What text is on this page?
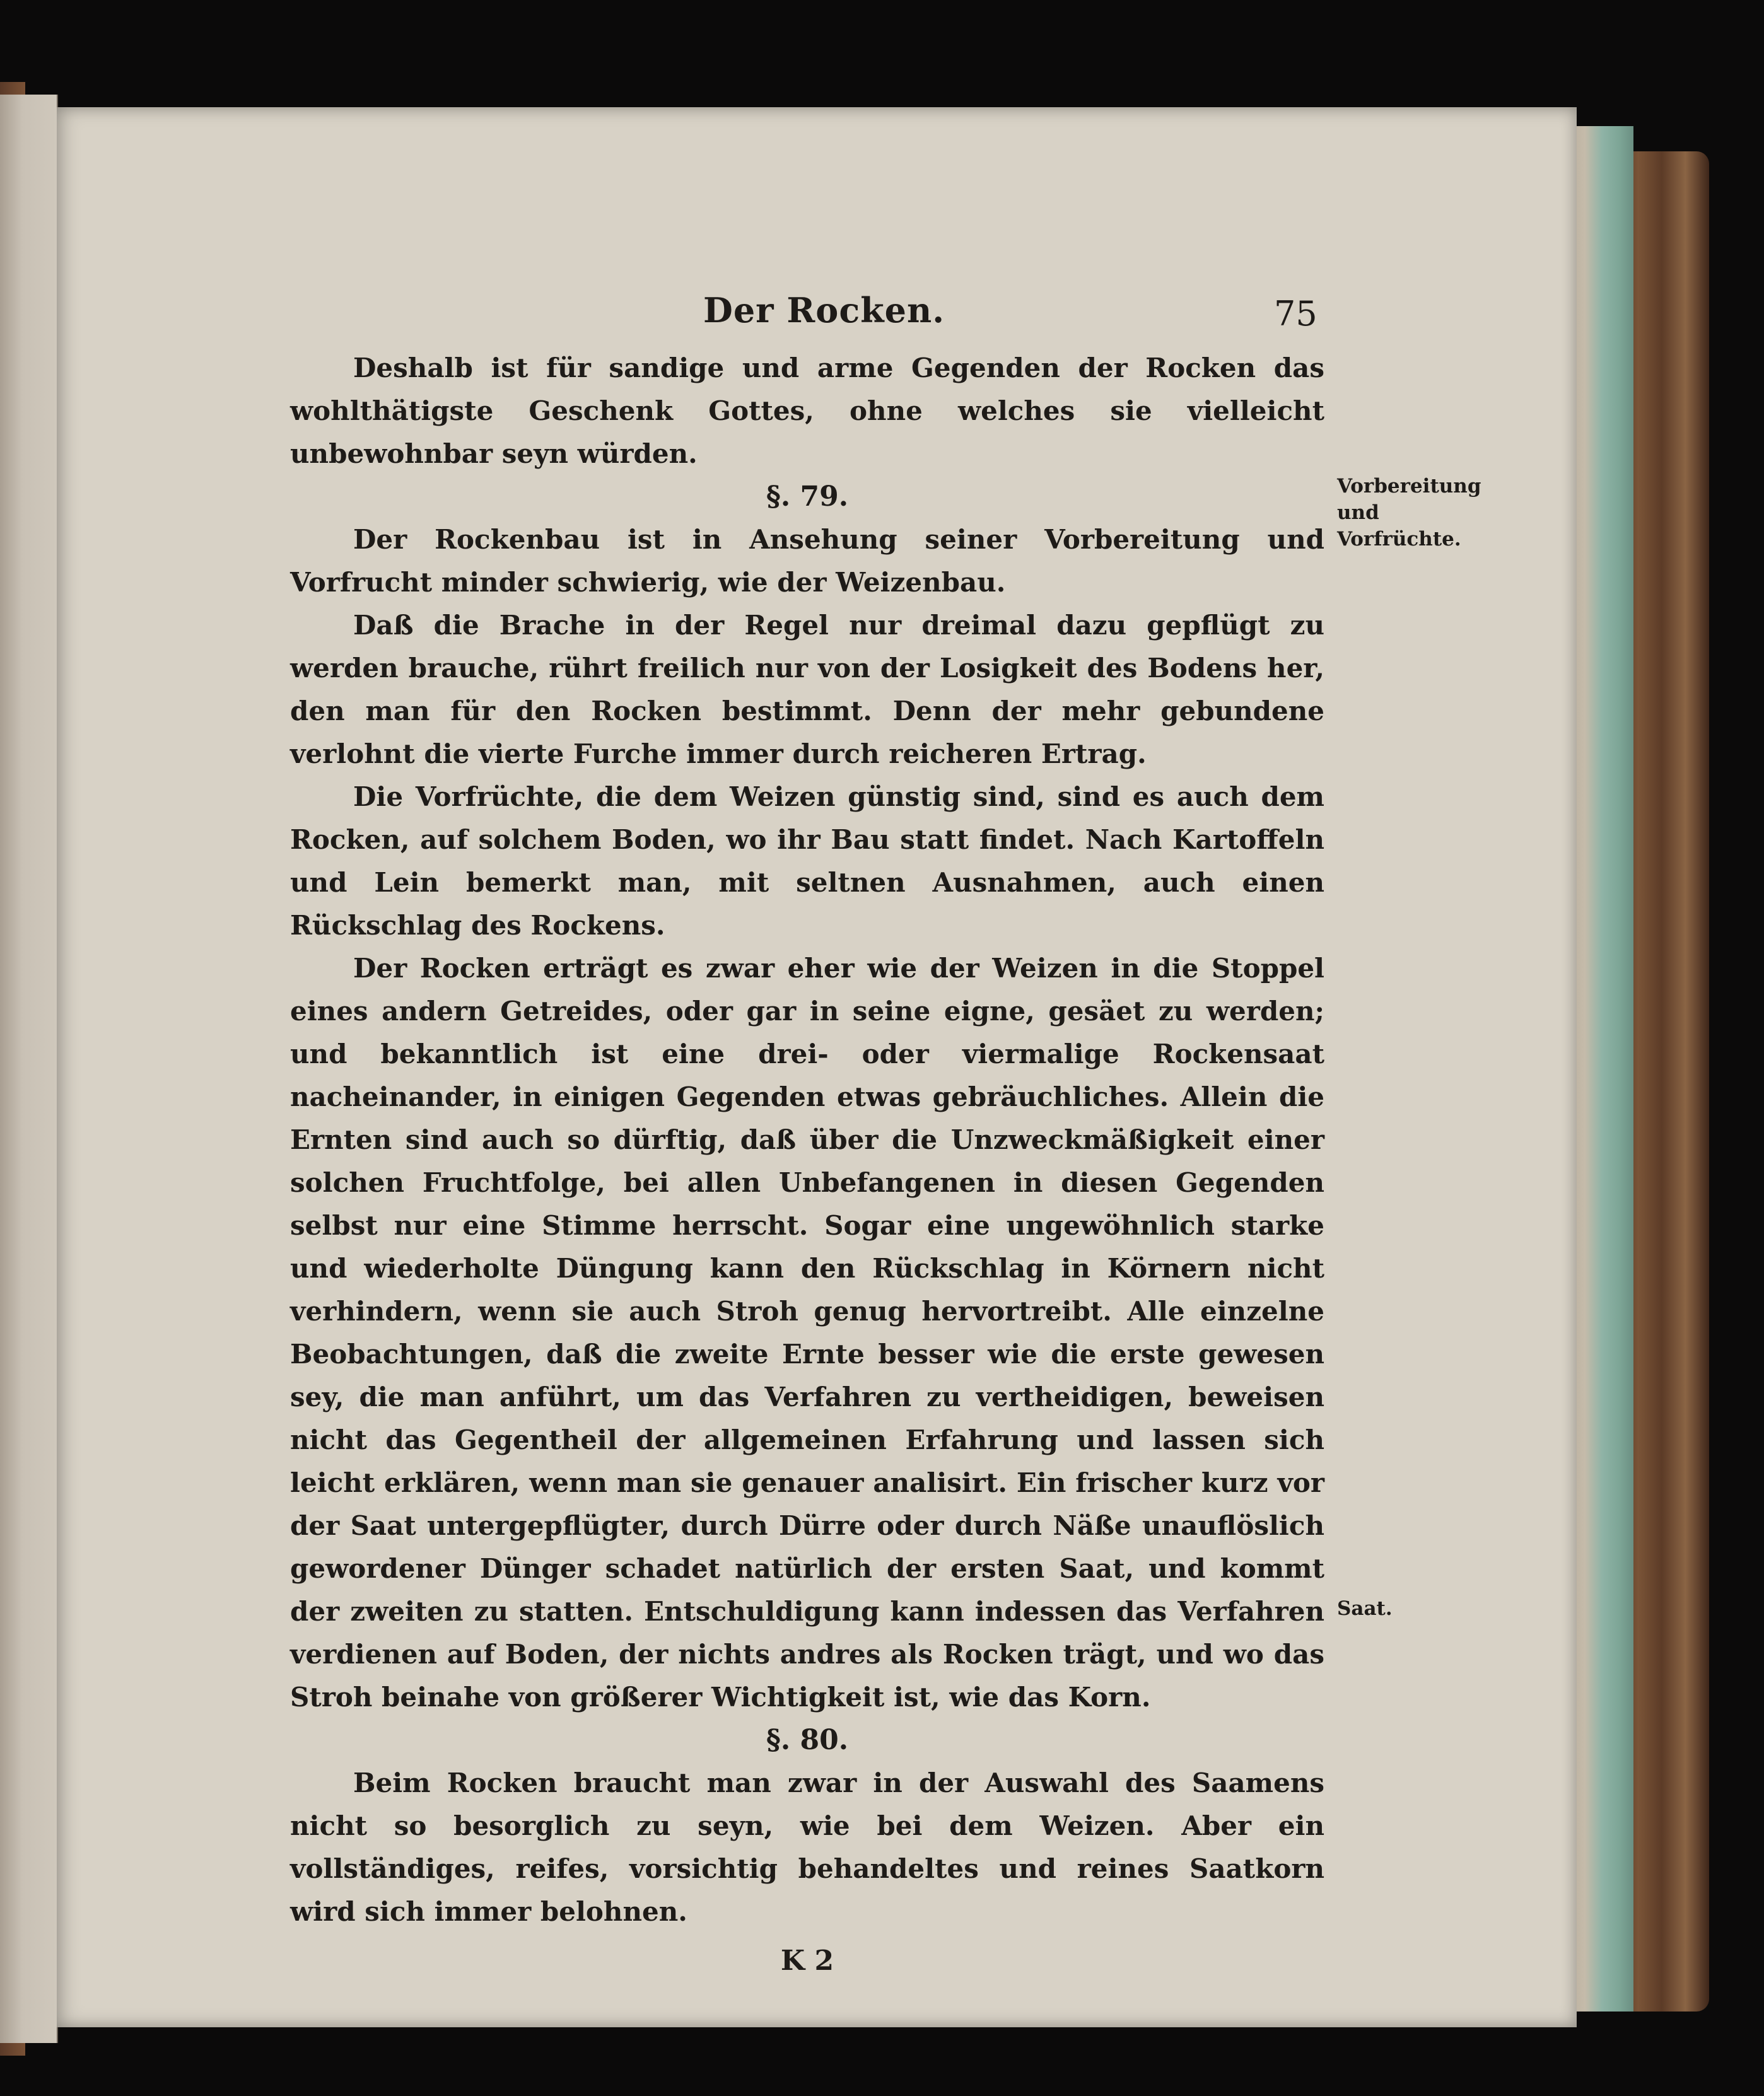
Der Rocken.	75

Deshalb ist für sandige und arme Gegenden der Rocken das wohlthätigste Geschenk Gottes, ohne welches sie vielleicht unbewohnbar seyn würden.

§. 79.

Der Rockenbau ist in Ansehung seiner Vorbereitung und Vorfrucht minder schwierig, wie der Weizenbau.

Daß die Brache in der Regel nur dreimal dazu gepflügt zu werden brauche, rührt freilich nur von der Losigkeit des Bodens her, den man für den Rocken bestimmt. Denn der mehr gebundene verlohnt die vierte Furche immer durch reicheren Ertrag.

Die Vorfrüchte, die dem Weizen günstig sind, sind es auch dem Rocken, auf solchem Boden, wo ihr Bau statt findet. Nach Kartoffeln und Lein bemerkt man, mit seltnen Ausnahmen, auch einen Rückschlag des Rockens.

Der Rocken erträgt es zwar eher wie der Weizen in die Stoppel eines andern Getreides, oder gar in seine eigne, gesäet zu werden; und bekanntlich ist eine drei- oder viermalige Rockensaat nacheinander, in einigen Gegenden etwas gebräuchliches. Allein die Ernten sind auch so dürftig, daß über die Unzweckmäßigkeit einer solchen Fruchtfolge, bei allen Unbefangenen in diesen Gegenden selbst nur eine Stimme herrscht. Sogar eine ungewöhnlich starke und wiederholte Düngung kann den Rückschlag in Körnern nicht verhindern, wenn sie auch Stroh genug hervortreibt. Alle einzelne Beobachtungen, daß die zweite Ernte besser wie die erste gewesen sey, die man anführt, um das Verfahren zu vertheidigen, beweisen nicht das Gegentheil der allgemeinen Erfahrung und lassen sich leicht erklären, wenn man sie genauer analisirt. Ein frischer kurz vor der Saat untergepflügter, durch Dürre oder durch Näße unauflöslich gewordener Dünger schadet natürlich der ersten Saat, und kommt der zweiten zu statten. Entschuldigung kann indessen das Verfahren verdienen auf Boden, der nichts andres als Rocken trägt, und wo das Stroh beinahe von größerer Wichtigkeit ist, wie das Korn.

§. 80.

Beim Rocken braucht man zwar in der Auswahl des Saamens nicht so besorglich zu seyn, wie bei dem Weizen. Aber ein vollständiges, reifes, vorsichtig behandeltes und reines Saatkorn wird sich immer belohnen.

K 2
Vorbereitung und Vorfrüchte.
Saat.
